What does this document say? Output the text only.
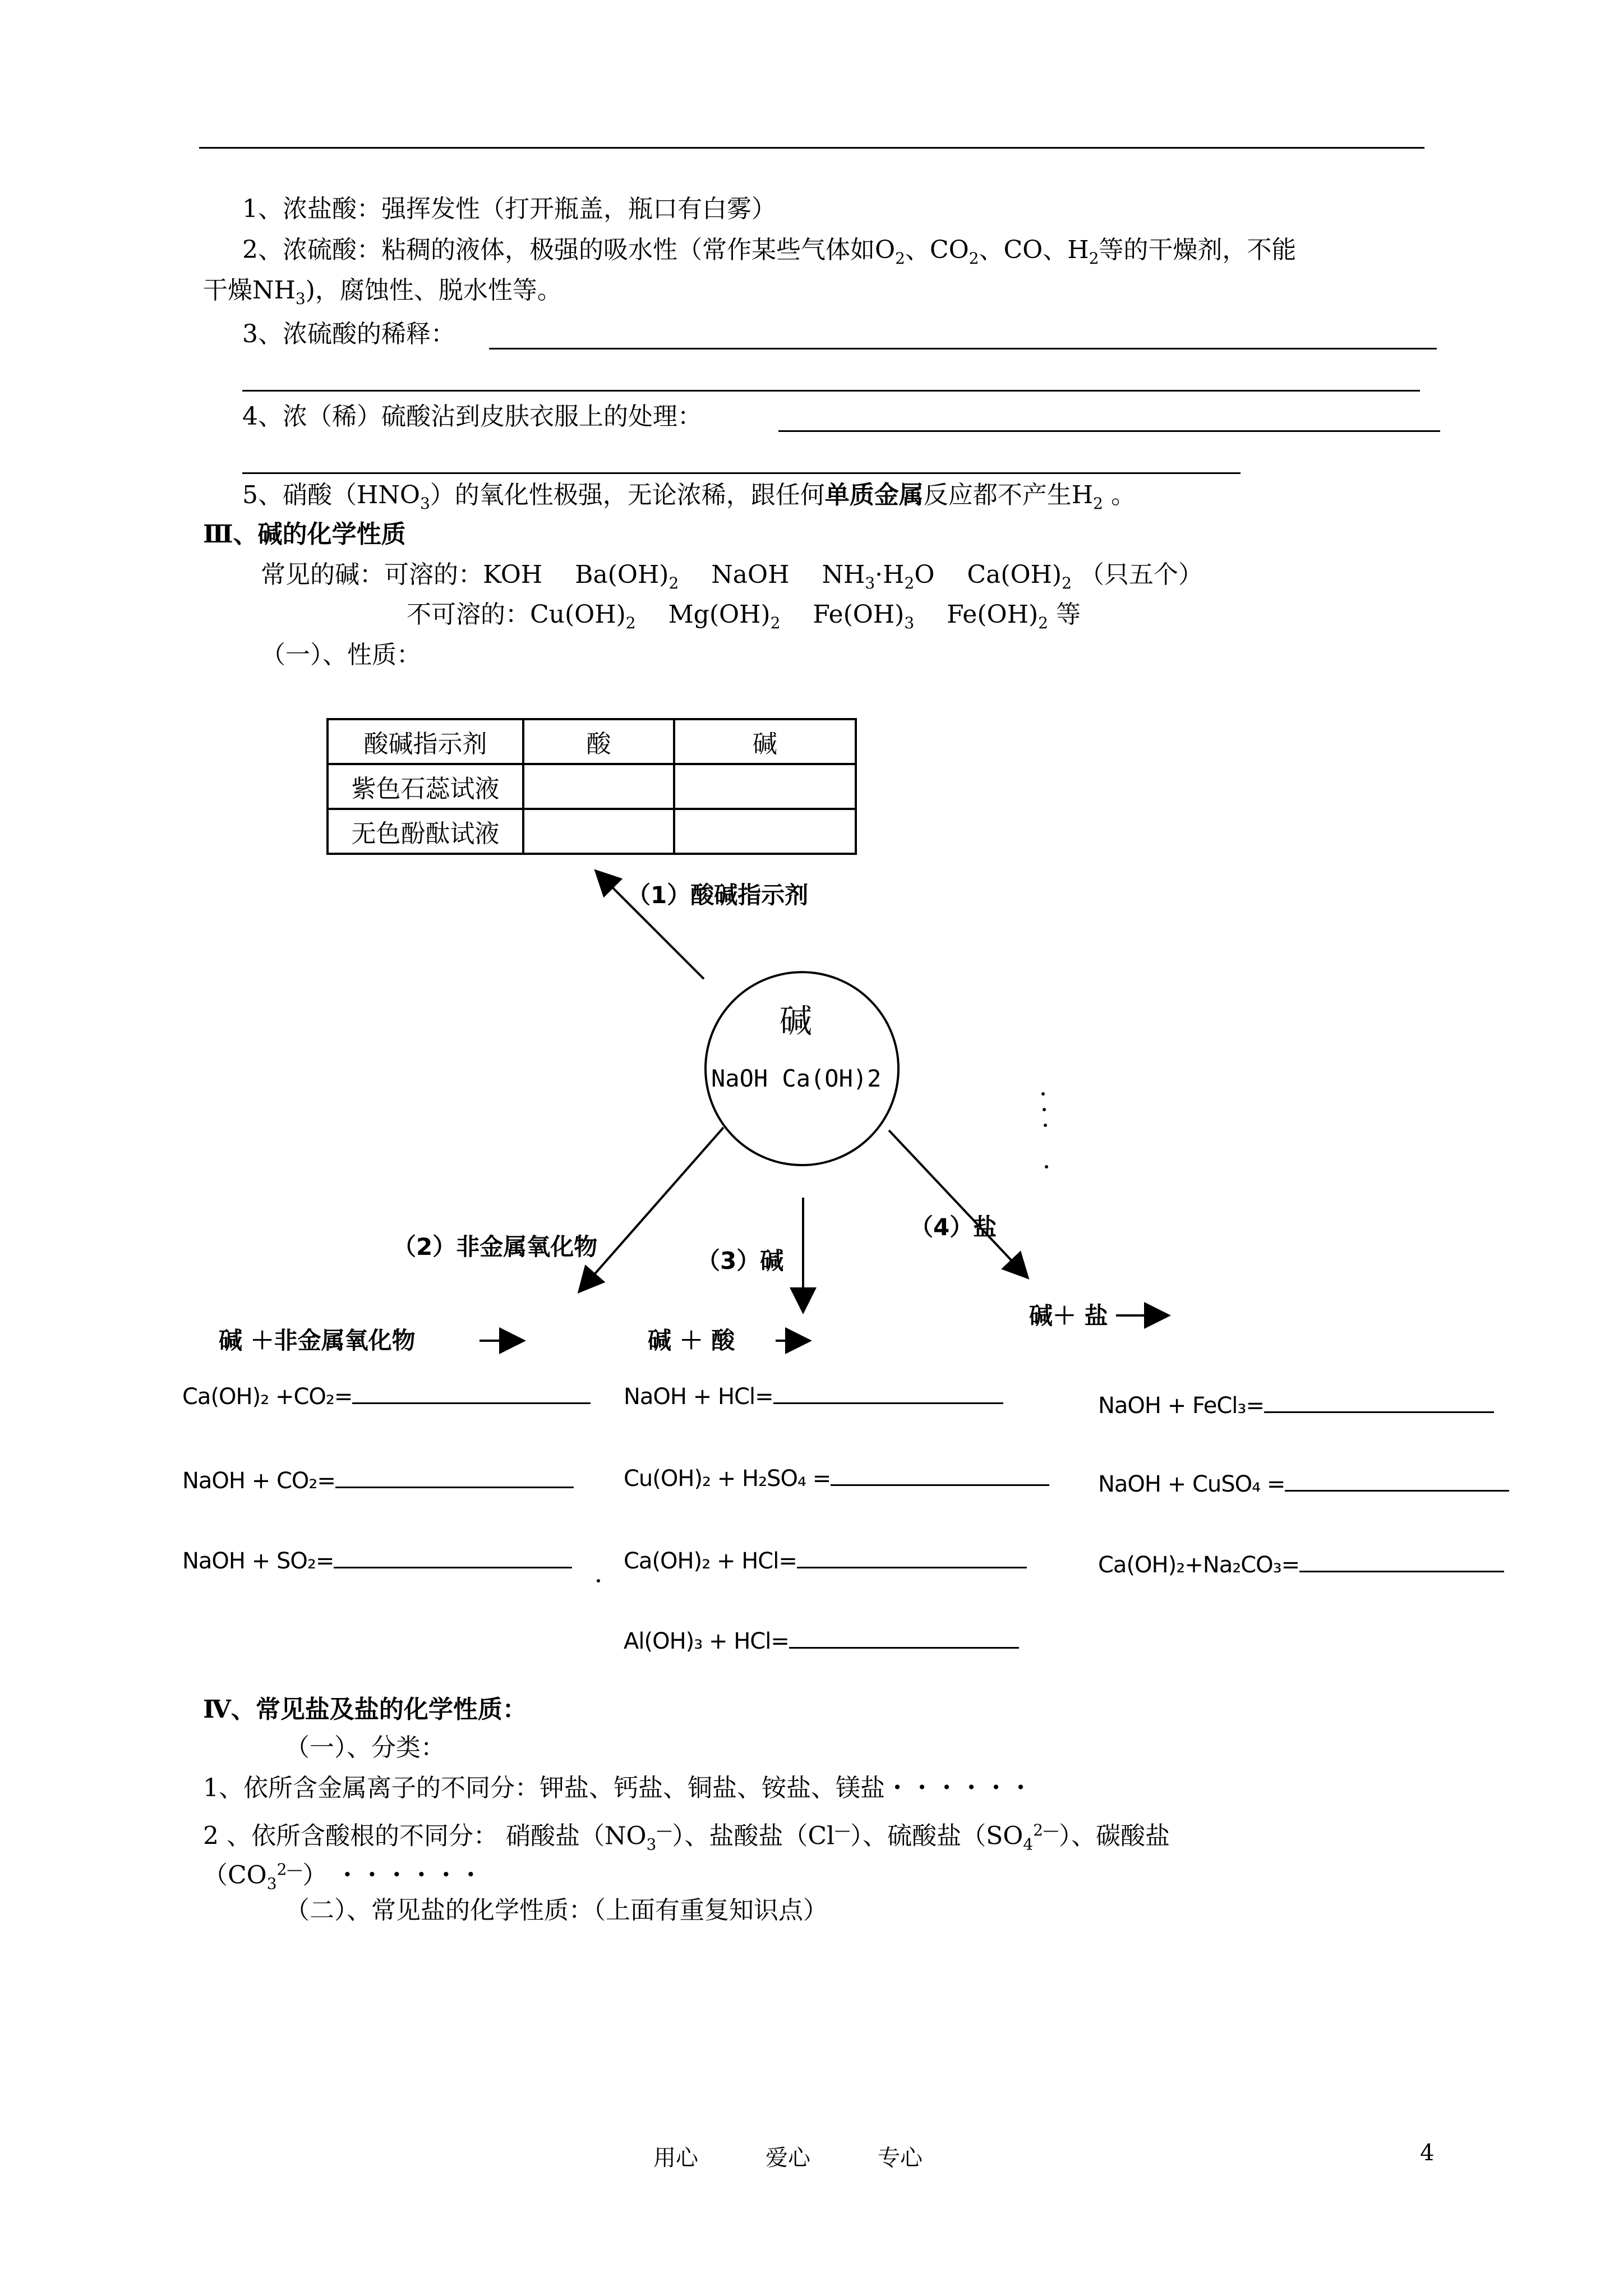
1、浓盐酸：强挥发性（打开瓶盖，瓶口有白雾）
2、浓硫酸：粘稠的液体，极强的吸水性（常作某些气体如$O_2$、$CO_2$、CO、$H_2$等的干燥剂，不能
干燥$NH_3$)，腐蚀性、脱水性等。
3、浓硫酸的稀释：
4、浓（稀）硫酸沾到皮肤衣服上的处理：
5、硝酸$(HNO_3)$的氧化性极强，无论浓稀，跟任何单质金属反应都不产生$H_2$ 。
Ⅲ、碱的化学性质
常见的碱：可溶的：KOH　 $Ba(OH)_2$　 NaOH　 $NH_3\cdot H_2O$　 $Ca(OH)_2$ （只五个）
不可溶的：$Cu(OH)_2$　 $Mg(OH)_2$　 $Fe(OH)_3$　 $Fe(OH)_2$ 等
（一）、性质：
酸碱指示剂	酸	碱
紫色石蕊试液		
无色酚酞试液		
碱
NaOH Ca(OH)2
（1）酸碱指示剂
（2）非金属氧化物
（3）碱
（4）盐
碱 ＋非金属氧化物	碱 ＋ 酸
碱＋ 盐
Ca(OH)₂ +CO₂=
NaOH + CO₂=
NaOH + SO₂=
NaOH + HCl=
Cu(OH)₂ + H₂SO₄ =
Ca(OH)₂ + HCl=
Al(OH)₃ + HCl=
NaOH + FeCl₃=
NaOH + CuSO₄ =
Ca(OH)₂+Na₂CO₃=
Ⅳ、常见盐及盐的化学性质：
（一）、分类：
1、依所含金属离子的不同分：钾盐、钙盐、铜盐、铵盐、镁盐・・・・・・
2 、依所含酸根的不同分： 硝酸盐$(NO_3^—)$、盐酸盐（Cl—）、硫酸盐$(SO_4^{2—})$、碳酸盐
$(CO_3^{2—})$ ・・・・・・
（二）、常见盐的化学性质：（上面有重复知识点）
用心　　　爱心　　　专心	4
